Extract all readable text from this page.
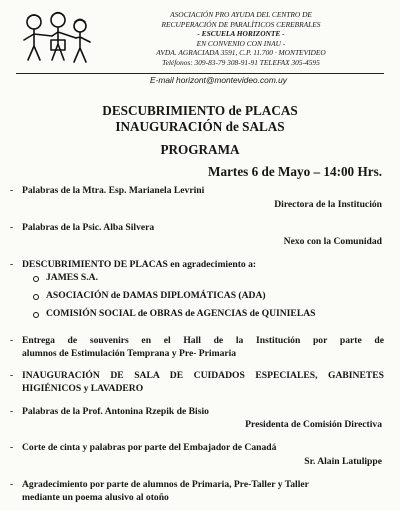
ASOCIACIÓN PRO AYUDA DEL CENTRO DE
RECUPERACIÓN DE PARALÍTICOS CEREBRALES
- ESCUELA HORIZONTE -
EN CONVENIO CON INAU -
AVDA. AGRACIADA 3591, C.P. 11.700 · MONTEVIDEO
Teléfonos: 309-83-79 308-91-91 TELEFAX 305-4595
E-mail horizont@montevideo.com.uy
DESCUBRIMIENTO de PLACAS
INAUGURACIÓN de SALAS
PROGRAMA
Martes 6 de Mayo – 14:00 Hrs.
- Palabras de la Mtra. Esp. Marianela Levrini
Directora de la Institución
- Palabras de la Psic. Alba Silvera
Nexo con la Comunidad
- DESCUBRIMIENTO DE PLACAS en agradecimiento a:
JAMES S.A.
ASOCIACIÓN de DAMAS DIPLOMÁTICAS (ADA)
COMISIÓN SOCIAL de OBRAS de AGENCIAS de QUINIELAS
- Entrega de souvenirs en el Hall de la Institución por parte de
alumnos de Estimulación Temprana y Pre- Primaria
- INAUGURACIÓN DE SALA DE CUIDADOS ESPECIALES, GABINETES
HIGIÉNICOS y LAVADERO
- Palabras de la Prof. Antonina Rzepik de Bisio
Presidenta de Comisión Directiva
- Corte de cinta y palabras por parte del Embajador de Canadá
Sr. Alain Latulippe
- Agradecimiento por parte de alumnos de Primaria, Pre-Taller y Taller
mediante un poema alusivo al otoño
